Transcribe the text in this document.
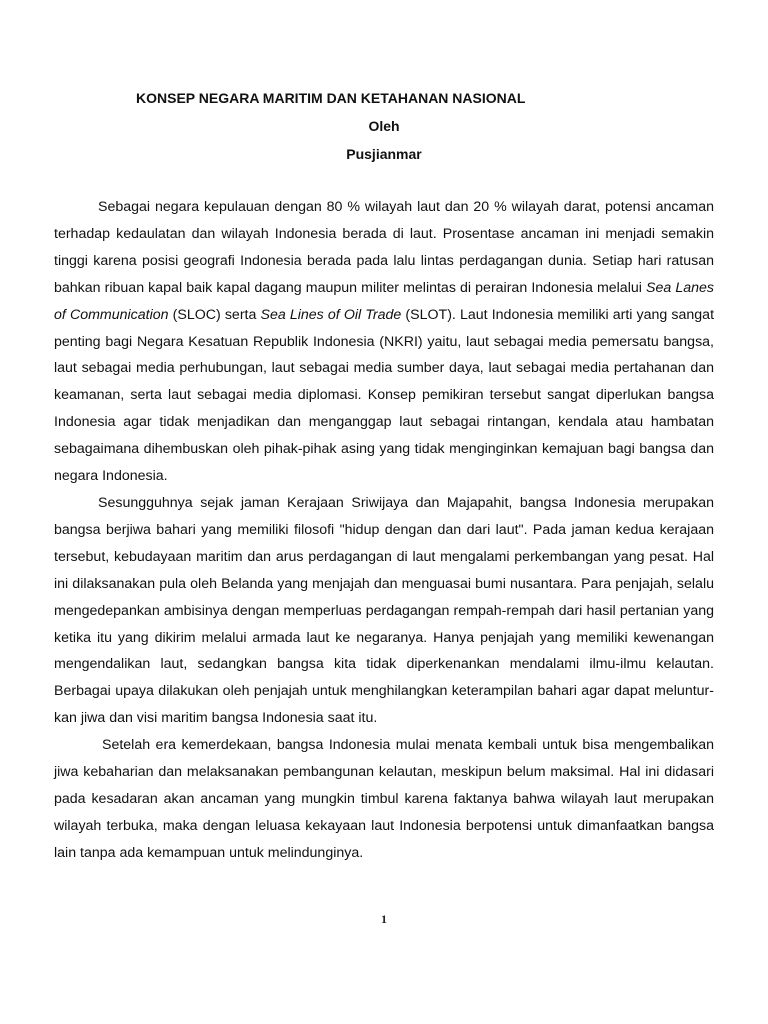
KONSEP NEGARA MARITIM DAN KETAHANAN NASIONAL
Oleh
Pusjianmar

Sebagai negara kepulauan dengan 80 % wilayah laut dan 20 % wilayah darat, potensi ancaman terhadap kedaulatan dan wilayah Indonesia berada di laut. Prosentase ancaman ini menjadi semakin tinggi karena posisi geografi Indonesia berada pada lalu lintas perdagangan dunia. Setiap hari ratusan bahkan ribuan kapal baik kapal dagang maupun militer melintas di perairan Indonesia melalui Sea Lanes of Communication (SLOC) serta Sea Lines of Oil Trade (SLOT). Laut Indonesia memiliki arti yang sangat penting bagi Negara Kesatuan Republik Indonesia (NKRI) yaitu, laut sebagai media pemersatu bangsa, laut sebagai media perhubungan, laut sebagai media sumber daya, laut sebagai media pertahanan dan keamanan, serta laut sebagai media diplomasi. Konsep pemikiran tersebut sangat diperlukan bangsa Indonesia agar tidak menjadikan dan menganggap laut sebagai rintangan, kendala atau hambatan sebagaimana dihembuskan oleh pihak-pihak asing yang tidak menginginkan kemajuan bagi bangsa dan negara Indonesia.

Sesungguhnya sejak jaman Kerajaan Sriwijaya dan Majapahit, bangsa Indonesia merupakan bangsa berjiwa bahari yang memiliki filosofi "hidup dengan dan dari laut". Pada jaman kedua kerajaan tersebut, kebudayaan maritim dan arus perdagangan di laut mengalami perkembangan yang pesat. Hal ini dilaksanakan pula oleh Belanda yang menjajah dan menguasai bumi nusantara. Para penjajah, selalu mengedepankan ambisinya dengan memperluas perdagangan rempah-rempah dari hasil pertanian yang ketika itu yang dikirim melalui armada laut ke negaranya. Hanya penjajah yang memiliki kewenangan mengendalikan laut, sedangkan bangsa kita tidak diperkenankan mendalami ilmu-ilmu kelautan. Berbagai upaya dilakukan oleh penjajah untuk menghilangkan keterampilan bahari agar dapat melunturkan jiwa dan visi maritim bangsa Indonesia saat itu.

Setelah era kemerdekaan, bangsa Indonesia mulai menata kembali untuk bisa mengembalikan jiwa kebaharian dan melaksanakan pembangunan kelautan, meskipun belum maksimal. Hal ini didasari pada kesadaran akan ancaman yang mungkin timbul karena faktanya bahwa wilayah laut merupakan wilayah terbuka, maka dengan leluasa kekayaan laut Indonesia berpotensi untuk dimanfaatkan bangsa lain tanpa ada kemampuan untuk melindunginya.

1
